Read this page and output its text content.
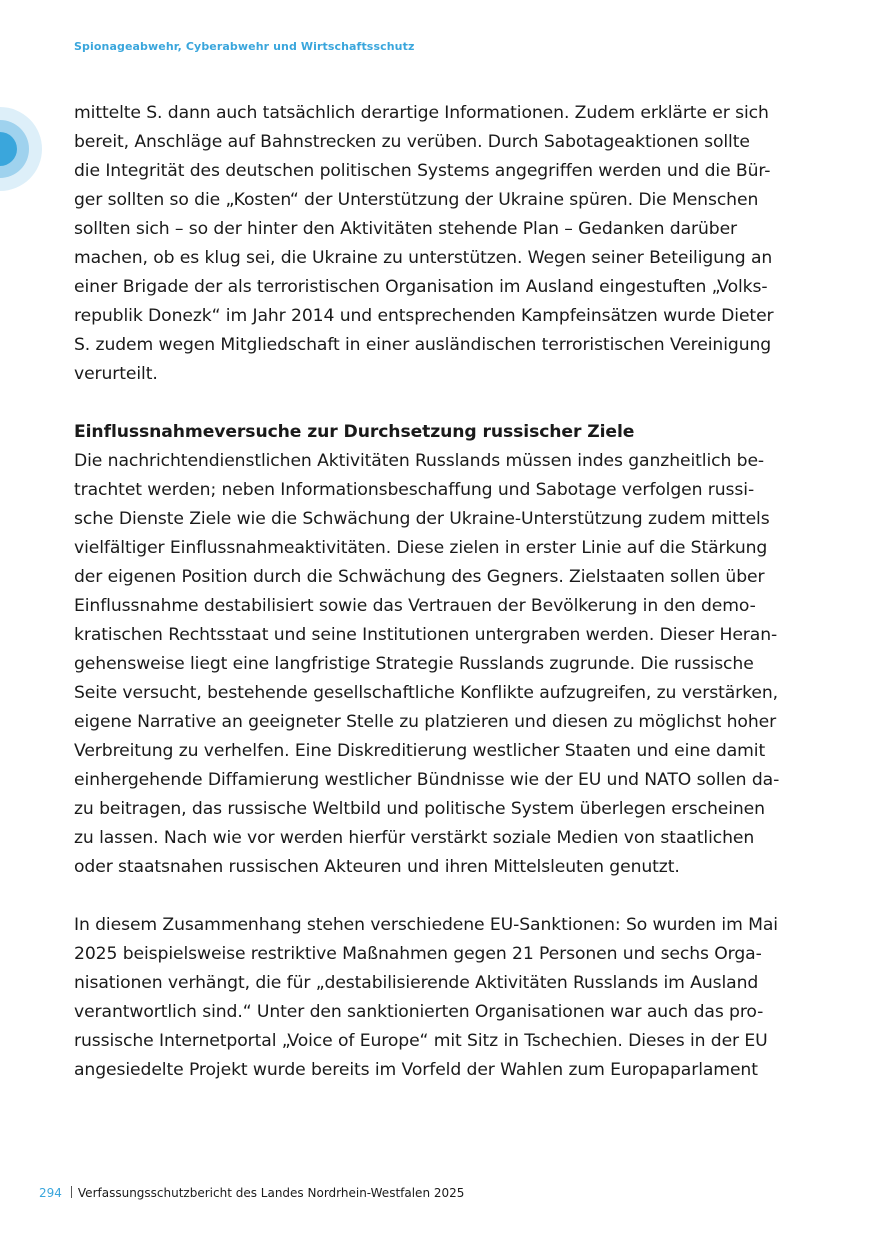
Spionageabwehr, Cyberabwehr und Wirtschaftsschutz

mittelte S. dann auch tatsächlich derartige Informationen. Zudem erklärte er sich
bereit, Anschläge auf Bahnstrecken zu verüben. Durch Sabotageaktionen sollte
die Integrität des deutschen politischen Systems angegriffen werden und die Bür-
ger sollten so die „Kosten“ der Unterstützung der Ukraine spüren. Die Menschen
sollten sich – so der hinter den Aktivitäten stehende Plan – Gedanken darüber
machen, ob es klug sei, die Ukraine zu unterstützen. Wegen seiner Beteiligung an
einer Brigade der als terroristischen Organisation im Ausland eingestuften „Volks-
republik Donezk“ im Jahr 2014 und entsprechenden Kampfeinsätzen wurde Dieter
S. zudem wegen Mitgliedschaft in einer ausländischen terroristischen Vereinigung
verurteilt.

Einflussnahmeversuche zur Durchsetzung russischer Ziele

Die nachrichtendienstlichen Aktivitäten Russlands müssen indes ganzheitlich be-
trachtet werden; neben Informationsbeschaffung und Sabotage verfolgen russi-
sche Dienste Ziele wie die Schwächung der Ukraine-Unterstützung zudem mittels
vielfältiger Einflussnahmeaktivitäten. Diese zielen in erster Linie auf die Stärkung
der eigenen Position durch die Schwächung des Gegners. Zielstaaten sollen über
Einflussnahme destabilisiert sowie das Vertrauen der Bevölkerung in den demo-
kratischen Rechtsstaat und seine Institutionen untergraben werden. Dieser Heran-
gehensweise liegt eine langfristige Strategie Russlands zugrunde. Die russische
Seite versucht, bestehende gesellschaftliche Konflikte aufzugreifen, zu verstärken,
eigene Narrative an geeigneter Stelle zu platzieren und diesen zu möglichst hoher
Verbreitung zu verhelfen. Eine Diskreditierung westlicher Staaten und eine damit
einhergehende Diffamierung westlicher Bündnisse wie der EU und NATO sollen da-
zu beitragen, das russische Weltbild und politische System überlegen erscheinen
zu lassen. Nach wie vor werden hierfür verstärkt soziale Medien von staatlichen
oder staatsnahen russischen Akteuren und ihren Mittelsleuten genutzt.

In diesem Zusammenhang stehen verschiedene EU-Sanktionen: So wurden im Mai
2025 beispielsweise restriktive Maßnahmen gegen 21 Personen und sechs Orga-
nisationen verhängt, die für „destabilisierende Aktivitäten Russlands im Ausland
verantwortlich sind.“ Unter den sanktionierten Organisationen war auch das pro-
russische Internetportal „Voice of Europe“ mit Sitz in Tschechien. Dieses in der EU
angesiedelte Projekt wurde bereits im Vorfeld der Wahlen zum Europaparlament

294 Verfassungsschutzbericht des Landes Nordrhein-Westfalen 2025
